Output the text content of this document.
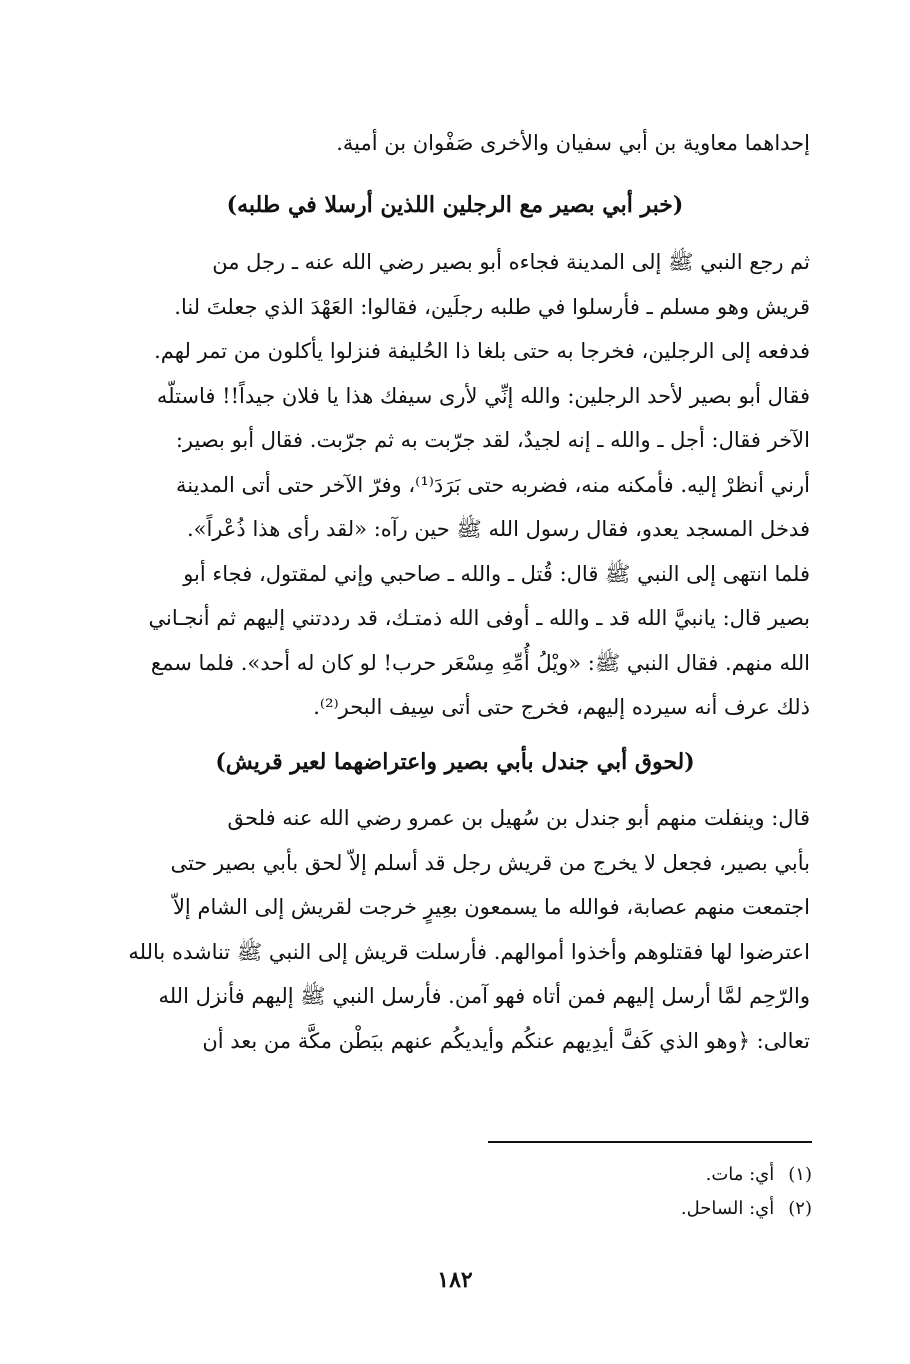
إحداهما معاوية بن أبي سفيان والأخرى صَفْوان بن أمية.
(خبر أبي بصير مع الرجلين اللذين أرسلا في طلبه)
ثم رجع النبي ﷺ إلى المدينة فجاءه أبو بصير رضي الله عنه ـ رجل من
قريش وهو مسلم ـ فأرسلوا في طلبه رجلَين، فقالوا: العَهْدَ الذي جعلتَ لنا.
فدفعه إلى الرجلين، فخرجا به حتى بلغا ذا الحُليفة فنزلوا يأكلون من تمر لهم.
فقال أبو بصير لأحد الرجلين: والله إنِّي لأرى سيفك هذا يا فلان جيداً!! فاستلّه
الآخر فقال: أجل ـ والله ـ إنه لجيدٌ، لقد جرّبت به ثم جرّبت. فقال أبو بصير:
أرني أنظرْ إليه. فأمكنه منه، فضربه حتى بَرَدَ⁽¹⁾، وفرّ الآخر حتى أتى المدينة
فدخل المسجد يعدو، فقال رسول الله ﷺ حين رآه: «لقد رأى هذا ذُعْراً».
فلما انتهى إلى النبي ﷺ قال: قُتل ـ والله ـ صاحبي وإني لمقتول، فجاء أبو
بصير قال: يانبيَّ الله قد ـ والله ـ أوفى الله ذمتـك، قد رددتني إليهم ثم أنجـاني
الله منهم. فقال النبي ﷺ: «ويْلُ أُمِّهِ مِسْعَر حرب! لو كان له أحد». فلما سمع
ذلك عرف أنه سيرده إليهم، فخرج حتى أتى سِيف البحر⁽²⁾.
(لحوق أبي جندل بأبي بصير واعتراضهما لعير قريش)
قال: وينفلت منهم أبو جندل بن سُهيل بن عمرو رضي الله عنه فلحق
بأبي بصير، فجعل لا يخرج من قريش رجل قد أسلم إلاّ لحق بأبي بصير حتى
اجتمعت منهم عصابة، فوالله ما يسمعون بعِيرٍ خرجت لقريش إلى الشام إلاّ
اعترضوا لها فقتلوهم وأخذوا أموالهم. فأرسلت قريش إلى النبي ﷺ تناشده بالله
والرّحِم لمَّا أرسل إليهم فمن أتاه فهو آمن. فأرسل النبي ﷺ إليهم فأنزل الله
تعالى: ﴿وهو الذي كَفَّ أيدِيهم عنكُم وأيديكُم عنهم ببَطْن مكَّة من بعد أن
(١)أي: مات.
(٢)أي: الساحل.
١٨٢
